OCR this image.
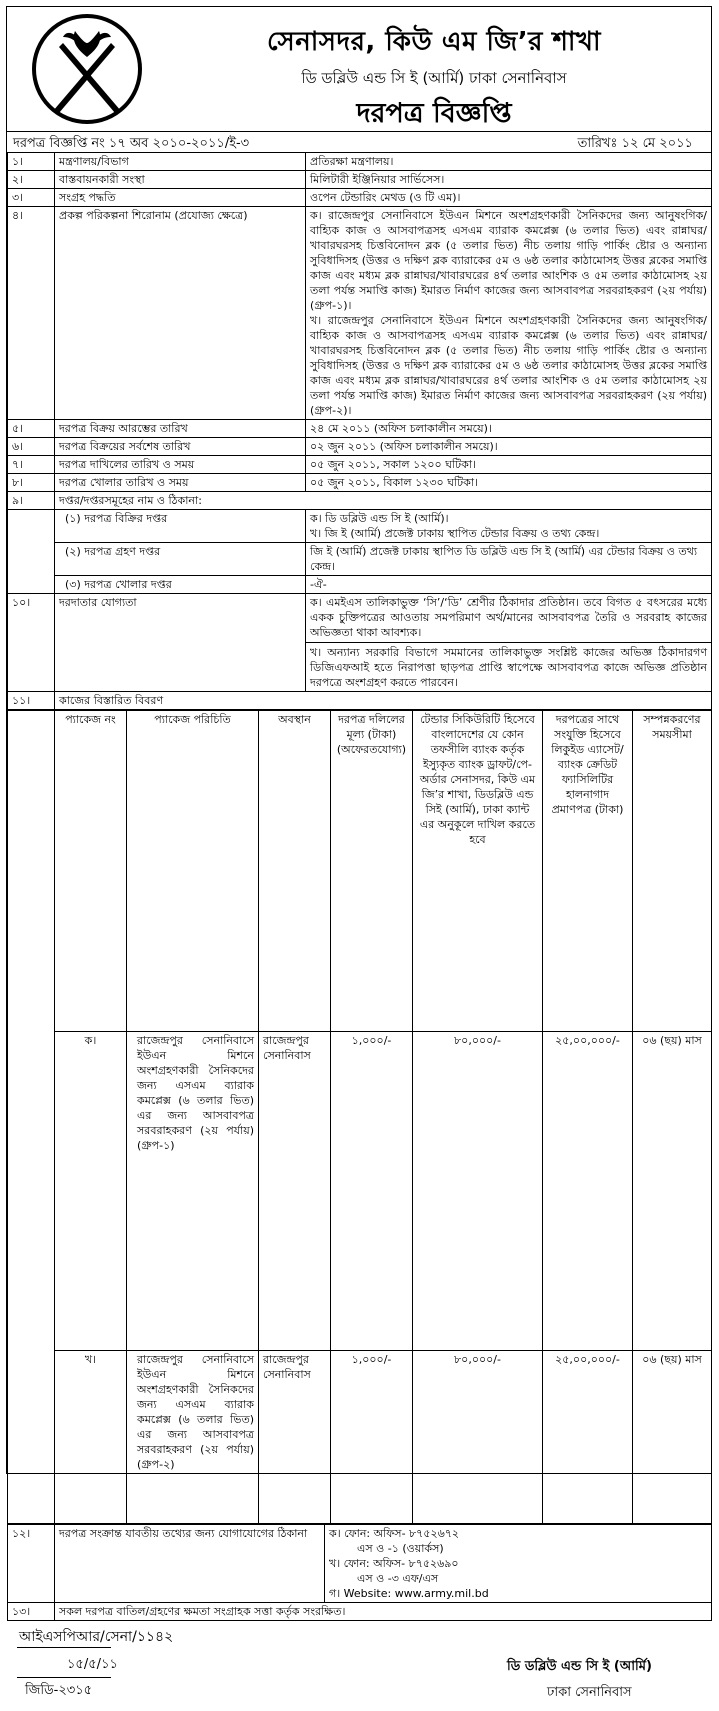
সেনাসদর, কিউ এম জি’র শাখা
ডি ডব্লিউ এন্ড সি ই (আর্মি) ঢাকা সেনানিবাস
দরপত্র বিজ্ঞপ্তি
দরপত্র বিজ্ঞপ্তি নং ১৭ অব ২০১০-২০১১/ই-৩	তারিখঃ ১২ মে ২০১১
১।	মন্ত্রণালয়/বিভাগ	প্রতিরক্ষা মন্ত্রণালয়।
২।	বাস্তবায়নকারী সংস্থা	মিলিটারী ইঞ্জিনিয়ার সার্ভিসেস।
৩।	সংগ্রহ পদ্ধতি	ওপেন টেন্ডারিং মেথড (ও টি এম)।
৪।	প্রকল্প পরিকল্পনা শিরোনাম (প্রযোজ্য ক্ষেত্রে)	ক। রাজেন্দ্রপুর সেনানিবাসে ইউএন মিশনে অংশগ্রহণকারী সৈনিকদের জন্য আনুষংগিক/বাহ্যিক কাজ ও আসবাপত্রসহ এসএম ব্যারাক কমপ্লেক্স (৬ তলার ভিত) এবং রান্নাঘর/খাবারঘরসহ চিত্তবিনোদন ব্লক (৫ তলার ভিত) নীচ তলায় গাড়ি পার্কিং ষ্টোর ও অন্যান্য সুবিধাদিসহ (উত্তর ও দক্ষিণ ব্লক ব্যারাকের ৫ম ও ৬ষ্ঠ তলার কাঠামোসহ উত্তর ব্লকের সমাপ্তি কাজ এবং মধ্যম ব্লক রান্নাঘর/খাবারঘরের ৪র্থ তলার আংশিক ও ৫ম তলার কাঠামোসহ ২য় তলা পর্যন্ত সমাপ্তি কাজ) ইমারত নির্মাণ কাজের জন্য আসবাবপত্র সরবরাহকরণ (২য় পর্যায়) (গ্রুপ-১)।
খ। রাজেন্দ্রপুর সেনানিবাসে ইউএন মিশনে অংশগ্রহণকারী সৈনিকদের জন্য আনুষংগিক/বাহ্যিক কাজ ও আসবাপত্রসহ এসএম ব্যারাক কমপ্লেক্স (৬ তলার ভিত) এবং রান্নাঘর/খাবারঘরসহ চিত্তবিনোদন ব্লক (৫ তলার ভিত) নীচ তলায় গাড়ি পার্কিং ষ্টোর ও অন্যান্য সুবিধাদিসহ (উত্তর ও দক্ষিণ ব্লক ব্যারাকের ৫ম ও ৬ষ্ঠ তলার কাঠামোসহ উত্তর ব্লকের সমাপ্তি কাজ এবং মধ্যম ব্লক রান্নাঘর/খাবারঘরের ৪র্থ তলার আংশিক ও ৫ম তলার কাঠামোসহ ২য় তলা পর্যন্ত সমাপ্তি কাজ) ইমারত নির্মাণ কাজের জন্য আসবাবপত্র সরবরাহকরণ (২য় পর্যায়) (গ্রুপ-২)।

৫।	দরপত্র বিক্রয় আরম্ভের তারিখ	২৪ মে ২০১১ (অফিস চলাকালীন সময়ে)।
৬।	দরপত্র বিক্রয়ের সর্বশেষ তারিখ	০২ জুন ২০১১ (অফিস চলাকালীন সময়ে)।
৭।	দরপত্র দাখিলের তারিখ ও সময়	০৫ জুন ২০১১, সকাল ১২০০ ঘটিকা।
৮।	দরপত্র খোলার তারিখ ও সময়	০৫ জুন ২০১১, বিকাল ১২৩০ ঘটিকা।
৯।	দপ্তর/দপ্তরসমূহের নাম ও ঠিকানা:	
	(১) দরপত্র বিক্রির দপ্তর	ক। ডি ডব্লিউ এন্ড সি ই (আর্মি)।
খ। জি ই (আর্মি) প্রজেক্ট ঢাকায় স্থাপিত টেন্ডার বিক্রয় ও তথ্য কেন্দ্র।

	(২) দরপত্র গ্রহণ দপ্তর	জি ই (আর্মি) প্রজেক্ট ঢাকায় স্থাপিত ডি ডব্লিউ এন্ড সি ই (আর্মি) এর টেন্ডার বিক্রয় ও তথ্য কেন্দ্র।
	(৩) দরপত্র খোলার দপ্তর	-ঐ-
১০।	দরদাতার যোগ্যতা	ক। এমইএস তালিকাভুক্ত ‘সি’/‘ডি’ শ্রেণীর ঠিকাদার প্রতিষ্ঠান। তবে বিগত ৫ বৎসরের মধ্যে একক চুক্তিপত্রের আওতায় সমপরিমাণ অর্থ/মানের আসবাবপত্র তৈরি ও সরবরাহ কাজের অভিজ্ঞতা থাকা আবশ্যক।
খ। অন্যান্য সরকারি বিভাগে সমমানের তালিকাভুক্ত সংশ্লিষ্ট কাজের অভিজ্ঞ ঠিকাদারগণ ডিজিএফআই হতে নিরাপত্তা ছাড়পত্র প্রাপ্তি স্বাপেক্ষে আসবাবপত্র কাজে অভিজ্ঞ প্রতিষ্ঠান দরপত্রে অংশগ্রহণ করতে পারবেন।

১১।	কাজের বিস্তারিত বিবরণ	
	প্যাকেজ নং	প্যাকেজ পরিচিতি	অবস্থান	দরপত্র দলিলের মূল্য (টাকা) (অফেরতযোগ্য)	টেন্ডার সিকিউরিটি হিসেবে বাংলাদেশের যে কোন তফসীলি ব্যাংক কর্তৃক ইস্যুকৃত ব্যাংক ড্রাফট/পে-অর্ডার সেনাসদর, কিউ এম জি’র শাখা, ডিডব্লিউ এন্ড সিই (আর্মি), ঢাকা ক্যান্ট এর অনুকূলে দাখিল করতে হবে	দরপত্রের সাথে সংযুক্তি হিসেবে লিকুইড এ্যাসেট/ব্যাংক ক্রেডিট ফ্যাসিলিটির হালনাগাদ প্রমাণপত্র (টাকা)	সম্পন্নকরণের সময়সীমা
	ক।	রাজেন্দ্রপুর সেনানিবাসে ইউএন মিশনে অংশগ্রহণকারী সৈনিকদের জন্য এসএম ব্যারাক কমপ্লেক্স (৬ তলার ভিত) এর জন্য আসবাবপত্র সরবরাহকরণ (২য় পর্যায়) (গ্রুপ-১)	রাজেন্দ্রপুর সেনানিবাস	১,০০০/-	৮০,০০০/-	২৫,০০,০০০/-	০৬ (ছয়) মাস
	খ।	রাজেন্দ্রপুর সেনানিবাসে ইউএন মিশনে অংশগ্রহণকারী সৈনিকদের জন্য এসএম ব্যারাক কমপ্লেক্স (৬ তলার ভিত) এর জন্য আসবাবপত্র সরবরাহকরণ (২য় পর্যায়) (গ্রুপ-২)	রাজেন্দ্রপুর সেনানিবাস	১,০০০/-	৮০,০০০/-	২৫,০০,০০০/-	০৬ (ছয়) মাস
১২।	দরপত্র সংক্রান্ত যাবতীয় তথ্যের জন্য যোগাযোগের ঠিকানা	ক। ফোন: অফিস- ৮৭৫২৬৭২
এস ও -১ (ওয়ার্কস)
খ। ফোন: অফিস- ৮৭৫২৬৯০
এস ও -৩ এফ/এস
গ। Website: www.army.mil.bd

১৩।	সকল দরপত্র বাতিল/গ্রহণের ক্ষমতা সংগ্রাহক সত্তা কর্তৃক সংরক্ষিত।	
আইএসপিআর/সেনা/১১৪২
১৫/৫/১১
জিডি-২৩১৫
ডি ডব্লিউ এন্ড সি ই (আর্মি)
ঢাকা সেনানিবাস
